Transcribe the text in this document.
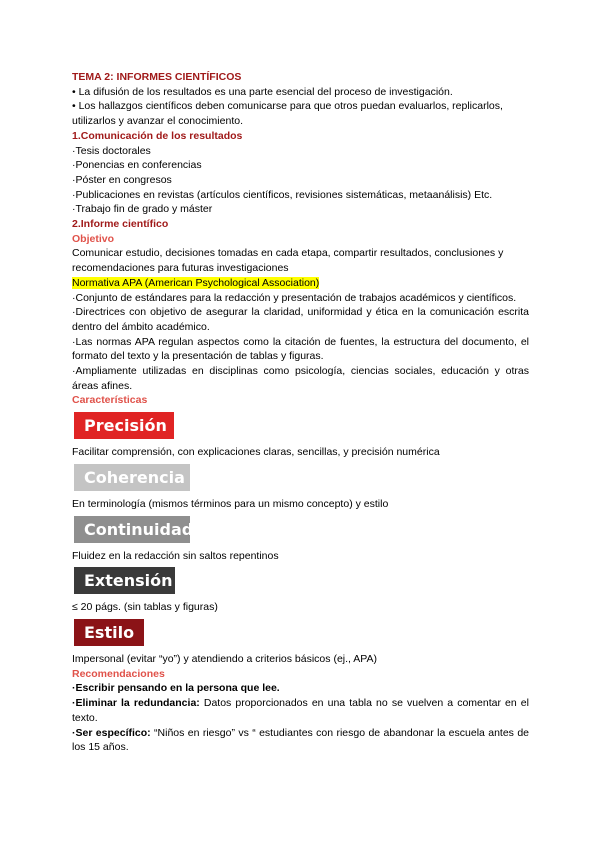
TEMA 2: INFORMES CIENTÍFICOS

• La difusión de los resultados es una parte esencial del proceso de investigación.

• Los hallazgos científicos deben comunicarse para que otros puedan evaluarlos, replicarlos, utilizarlos y avanzar el conocimiento.

1.Comunicación de los resultados

·Tesis doctorales

·Ponencias en conferencias

·Póster en congresos

·Publicaciones en revistas (artículos científicos, revisiones sistemáticas, metaanálisis) Etc.

·Trabajo fin de grado y máster

2.Informe científico

Objetivo

Comunicar estudio, decisiones tomadas en cada etapa, compartir resultados, conclusiones y recomendaciones para futuras investigaciones

Normativa APA (American Psychological Association)

·Conjunto de estándares para la redacción y presentación de trabajos académicos y científicos.

·Directrices con objetivo de asegurar la claridad, uniformidad y ética en la comunicación escrita dentro del ámbito académico.

·Las normas APA regulan aspectos como la citación de fuentes, la estructura del documento, el formato del texto y la presentación de tablas y figuras.

·Ampliamente utilizadas en disciplinas como psicología, ciencias sociales, educación y otras áreas afines.

Características

Precisión

Facilitar comprensión, con explicaciones claras, sencillas, y precisión numérica

Coherencia

En terminología (mismos términos para un mismo concepto) y estilo

Continuidad

Fluidez en la redacción sin saltos repentinos

Extensión

≤ 20 págs. (sin tablas y figuras)

Estilo

Impersonal (evitar “yo”) y atendiendo a criterios básicos (ej., APA)

Recomendaciones

·Escribir pensando en la persona que lee.

·Eliminar la redundancia: Datos proporcionados en una tabla no se vuelven a comentar en el texto.

·Ser específico: “Niños en riesgo” vs “ estudiantes con riesgo de abandonar la escuela antes de los 15 años.
